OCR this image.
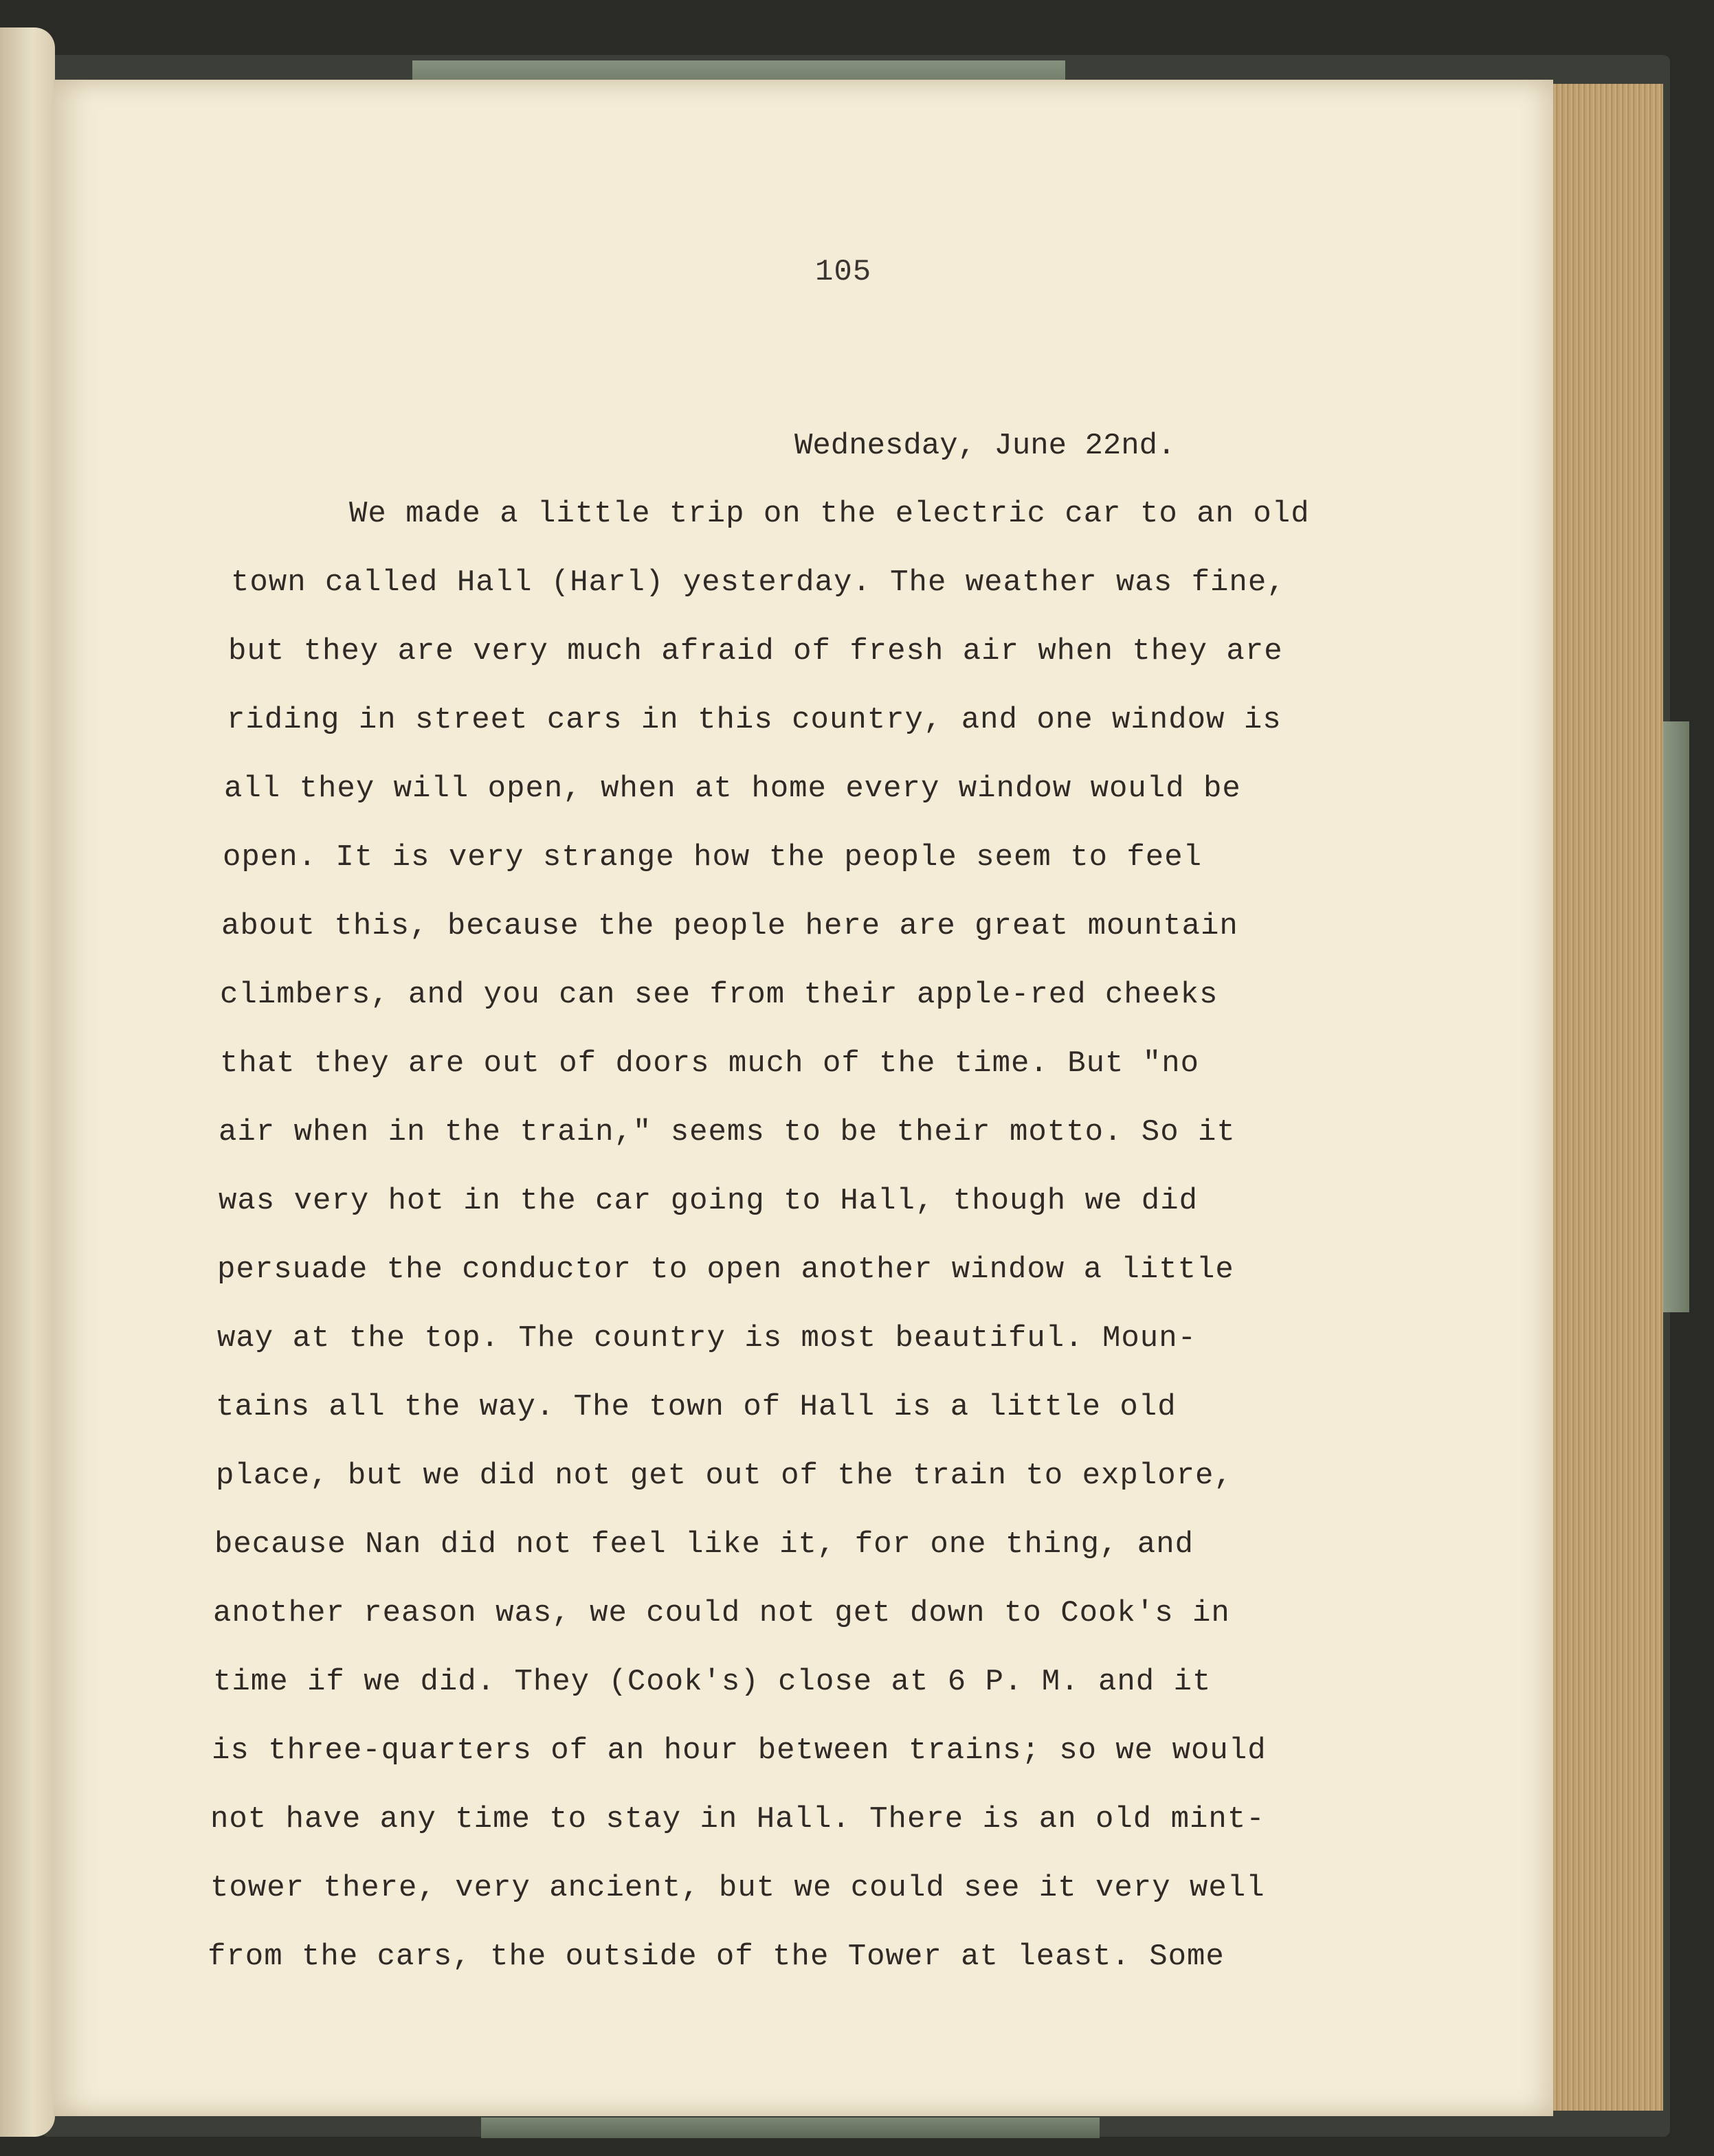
105
Wednesday, June 22nd.
We made a little trip on the electric car to an old
town called Hall (Harl) yesterday. The weather was fine,
but they are very much afraid of fresh air when they are
riding in street cars in this country, and one window is
all they will open, when at home every window would be
open. It is very strange how the people seem to feel
about this, because the people here are great mountain
climbers, and you can see from their apple-red cheeks
that they are out of doors much of the time. But "no
air when in the train," seems to be their motto. So it
was very hot in the car going to Hall, though we did
persuade the conductor to open another window a little
way at the top. The country is most beautiful. Moun-
tains all the way. The town of Hall is a little old
place, but we did not get out of the train to explore,
because Nan did not feel like it, for one thing, and
another reason was, we could not get down to Cook's in
time if we did. They (Cook's) close at 6 P. M. and it
is three-quarters of an hour between trains; so we would
not have any time to stay in Hall. There is an old mint-
tower there, very ancient, but we could see it very well
from the cars, the outside of the Tower at least. Some
